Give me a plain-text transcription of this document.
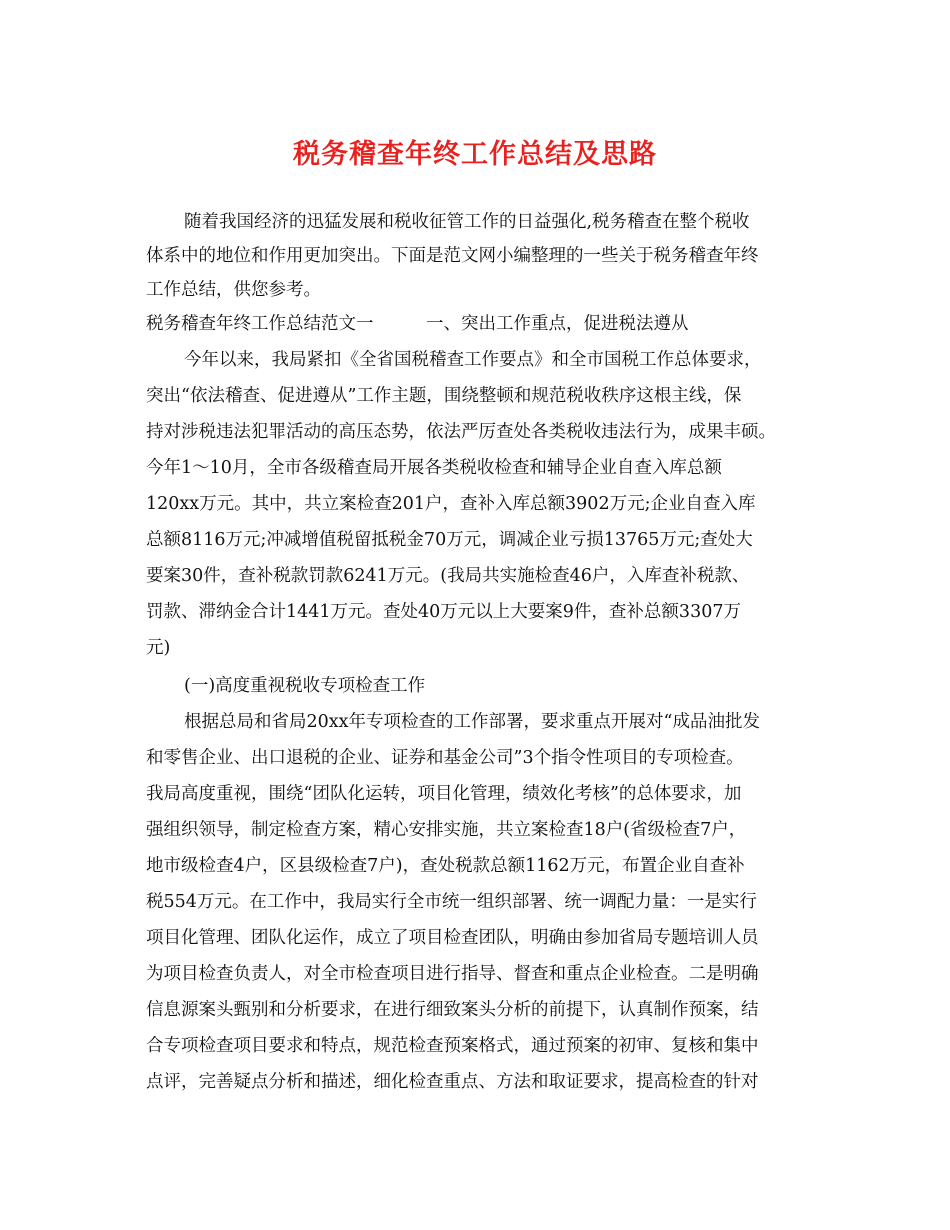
税务稽查年终工作总结及思路
随着我国经济的迅猛发展和税收征管工作的日益强化,税务稽查在整个税收
体系中的地位和作用更加突出。下面是范文网小编整理的一些关于税务稽查年终
工作总结，供您参考。
税务稽查年终工作总结范文一　　　一、突出工作重点，促进税法遵从
今年以来，我局紧扣《全省国税稽查工作要点》和全市国税工作总体要求，
突出“依法稽查、促进遵从”工作主题，围绕整顿和规范税收秩序这根主线，保
持对涉税违法犯罪活动的高压态势，依法严厉查处各类税收违法行为，成果丰硕。
今年1～10月，全市各级稽查局开展各类税收检查和辅导企业自查入库总额
120xx万元。其中，共立案检查201户，查补入库总额3902万元;企业自查入库
总额8116万元;冲减增值税留抵税金70万元，调减企业亏损13765万元;查处大
要案30件，查补税款罚款6241万元。(我局共实施检查46户，入库查补税款、
罚款、滞纳金合计1441万元。查处40万元以上大要案9件，查补总额3307万
元)
(一)高度重视税收专项检查工作
根据总局和省局20xx年专项检查的工作部署，要求重点开展对“成品油批发
和零售企业、出口退税的企业、证券和基金公司”3个指令性项目的专项检查。
我局高度重视，围绕“团队化运转，项目化管理，绩效化考核”的总体要求，加
强组织领导，制定检查方案，精心安排实施，共立案检查18户(省级检查7户，
地市级检查4户，区县级检查7户)，查处税款总额1162万元，布置企业自查补
税554万元。在工作中，我局实行全市统一组织部署、统一调配力量：一是实行
项目化管理、团队化运作，成立了项目检查团队，明确由参加省局专题培训人员
为项目检查负责人，对全市检查项目进行指导、督查和重点企业检查。二是明确
信息源案头甄别和分析要求，在进行细致案头分析的前提下，认真制作预案，结
合专项检查项目要求和特点，规范检查预案格式，通过预案的初审、复核和集中
点评，完善疑点分析和描述，细化检查重点、方法和取证要求，提高检查的针对
